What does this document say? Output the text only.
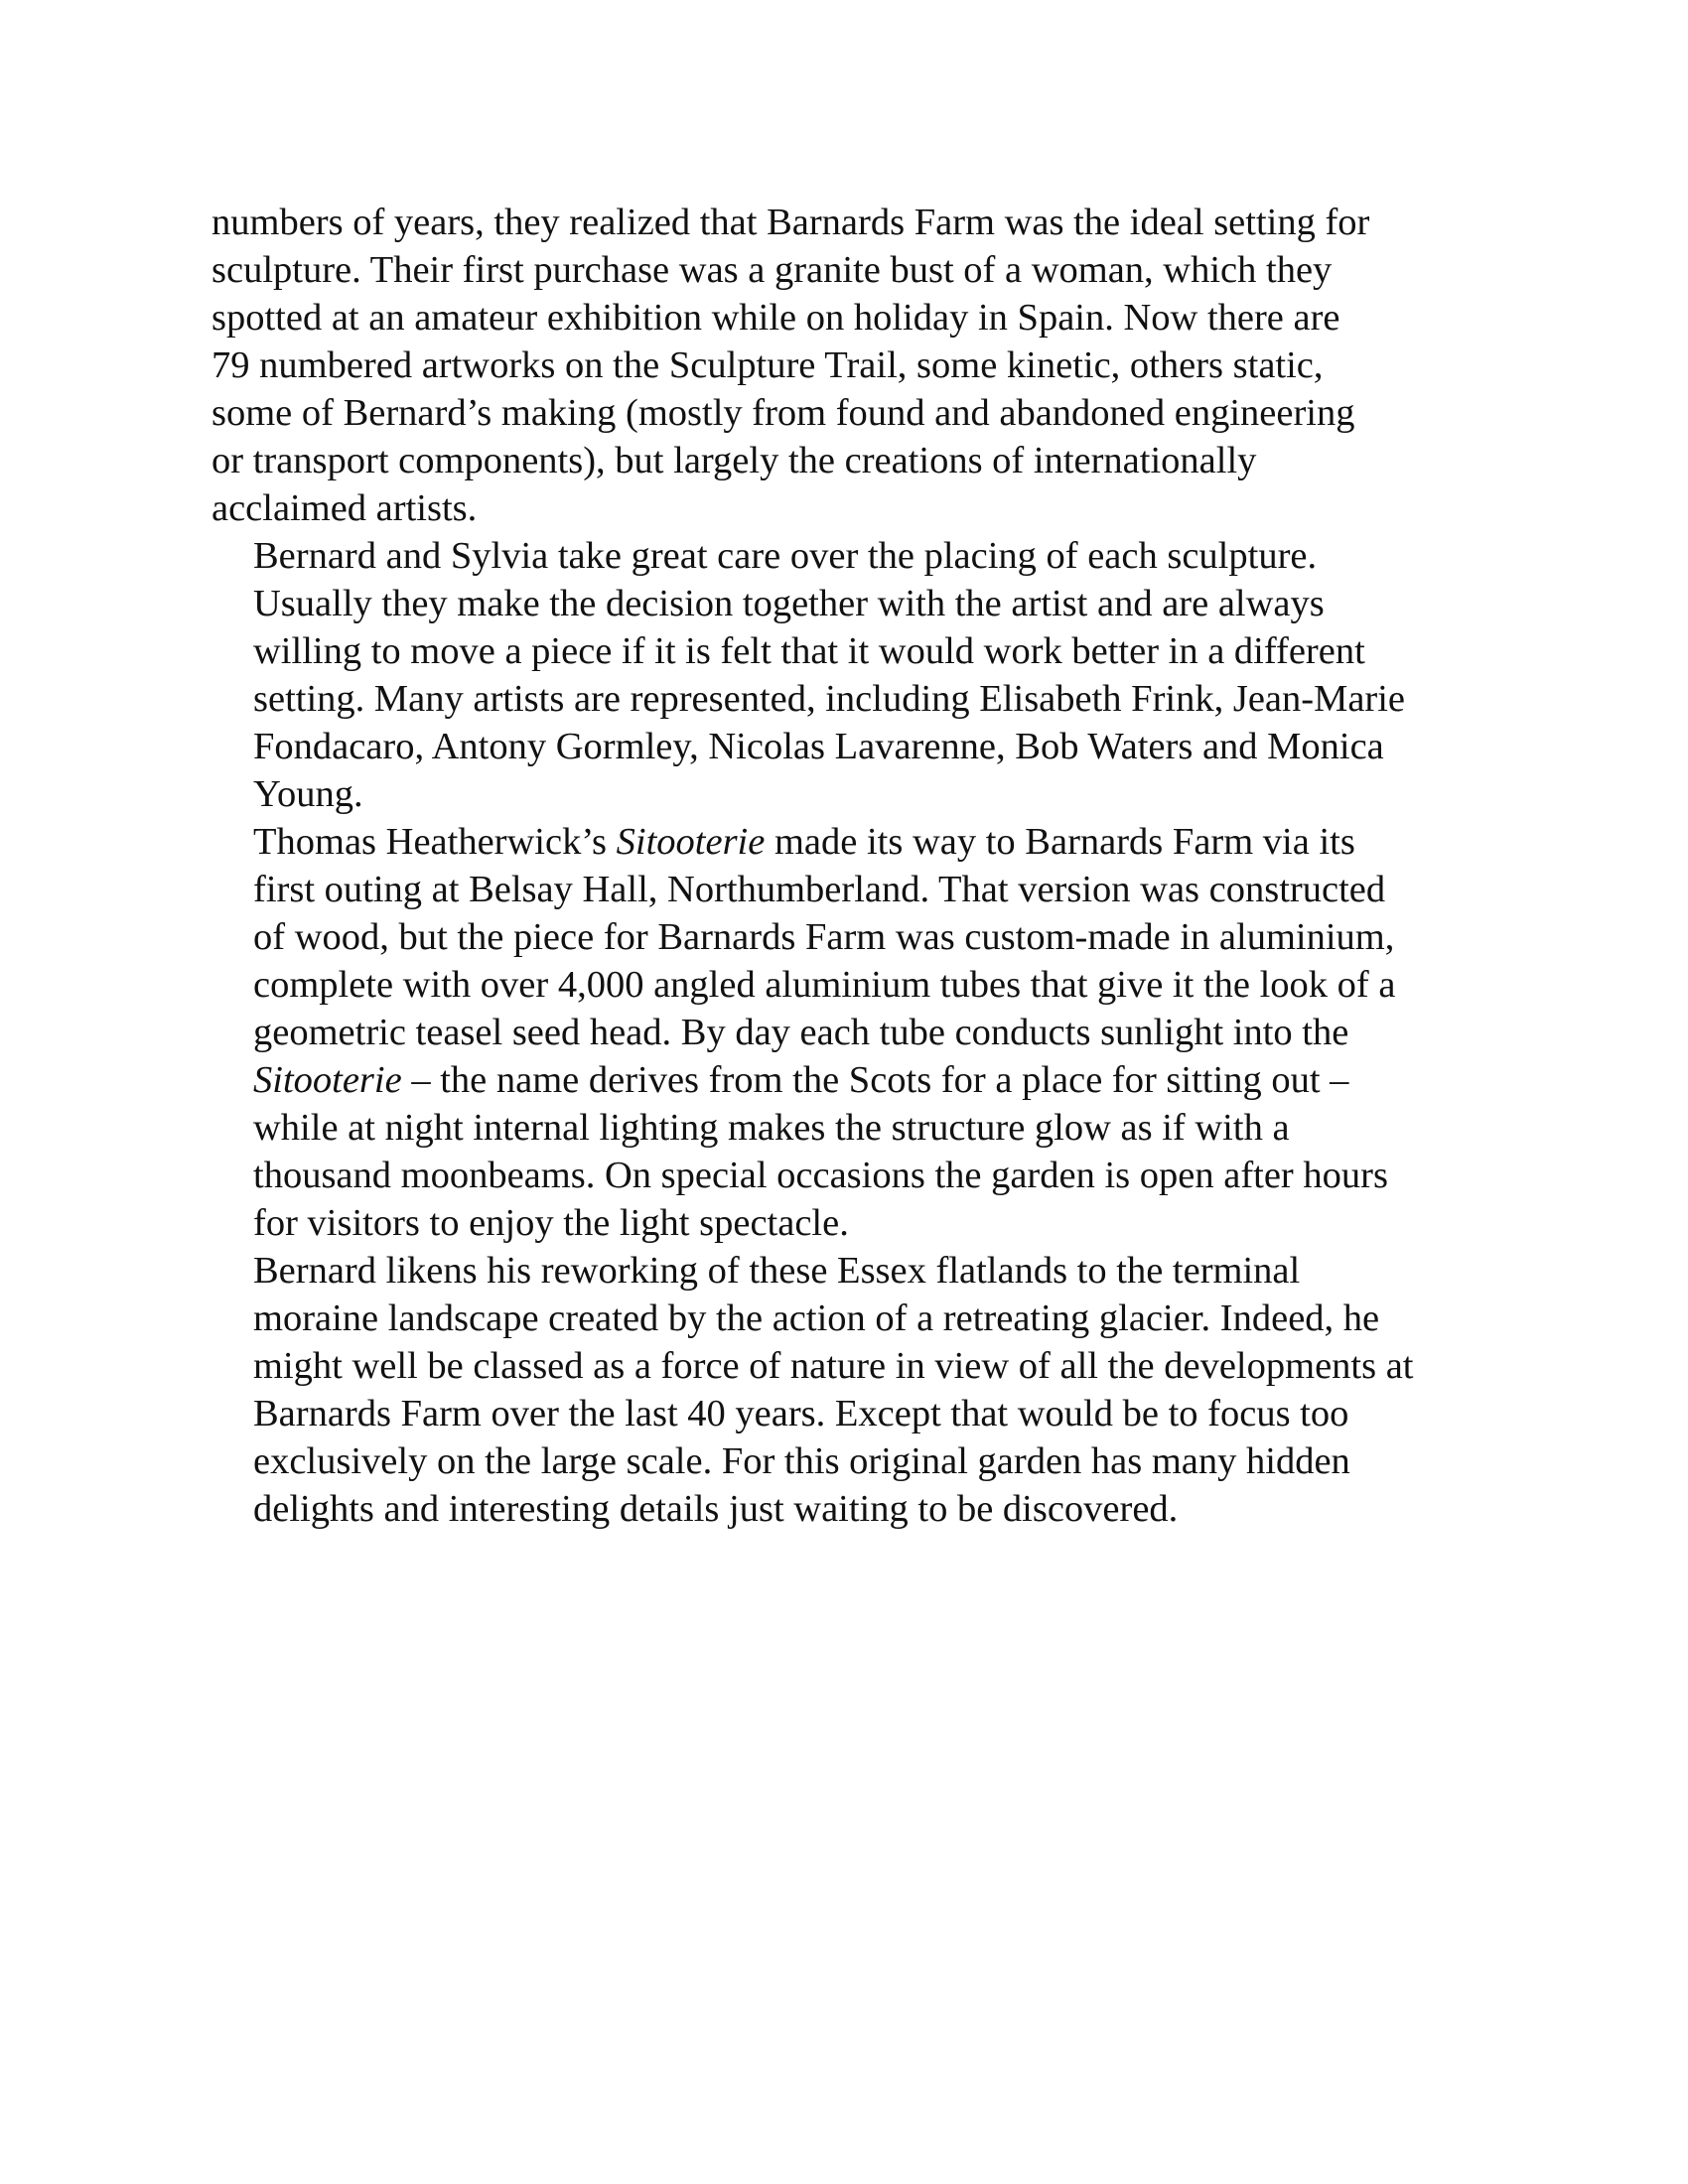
numbers of years, they realized that Barnards Farm was the ideal setting for
sculpture. Their first purchase was a granite bust of a woman, which they
spotted at an amateur exhibition while on holiday in Spain. Now there are
79 numbered artworks on the Sculpture Trail, some kinetic, others static,
some of Bernard’s making (mostly from found and abandoned engineering
or transport components), but largely the creations of internationally
acclaimed artists.
Bernard and Sylvia take great care over the placing of each sculpture.
Usually they make the decision together with the artist and are always
willing to move a piece if it is felt that it would work better in a different
setting. Many artists are represented, including Elisabeth Frink, Jean-Marie
Fondacaro, Antony Gormley, Nicolas Lavarenne, Bob Waters and Monica
Young.
Thomas Heatherwick’s Sitooterie made its way to Barnards Farm via its
first outing at Belsay Hall, Northumberland. That version was constructed
of wood, but the piece for Barnards Farm was custom-made in aluminium,
complete with over 4,000 angled aluminium tubes that give it the look of a
geometric teasel seed head. By day each tube conducts sunlight into the
Sitooterie – the name derives from the Scots for a place for sitting out –
while at night internal lighting makes the structure glow as if with a
thousand moonbeams. On special occasions the garden is open after hours
for visitors to enjoy the light spectacle.
Bernard likens his reworking of these Essex flatlands to the terminal
moraine landscape created by the action of a retreating glacier. Indeed, he
might well be classed as a force of nature in view of all the developments at
Barnards Farm over the last 40 years. Except that would be to focus too
exclusively on the large scale. For this original garden has many hidden
delights and interesting details just waiting to be discovered.
